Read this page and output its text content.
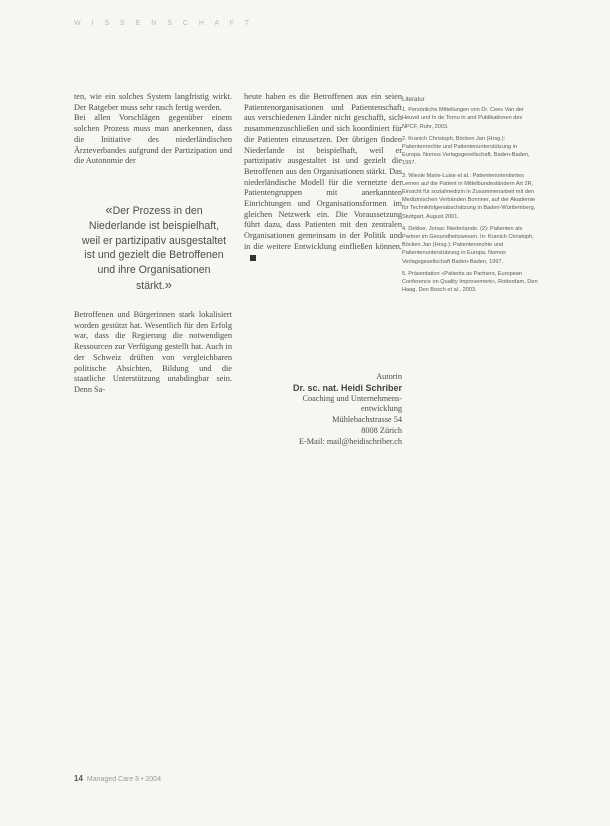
W I S S E N S C H A F T

ten, wie ein solches System langfristig wirkt. Der Ratgeber muss sehr rasch fertig werden.

Bei allen Vorschlägen gegenüber einem solchen Prozess muss man anerkennen, dass die Initiative des niederländischen Ärzteverbandes aufgrund der Partizipation und die Autonomie der

«Der Prozess in den Niederlande ist beispielhaft, weil er partizipativ ausgestaltet ist und gezielt die Betroffenen und ihre Organisationen stärkt.»

Betroffenen und Bürgerinnen stark lokalisiert worden gestützt hat. Wesentlich für den Erfolg war, dass die Regierung die notwendigen Ressourcen zur Verfügung gestellt hat. Auch in der Schweiz drüften von vergleichbaren politische Absichten, Bildung und die staatliche Unterstützung unabdingbar sein. Denn Sa-

heute haben es die Betroffenen aus ein seien Patientenorganisationen und Patientenschaft aus verschiedenen Länder nicht geschafft, sich zusammenzuschließen und sich koordiniert für die Patienten einzusetzen. Der übrigen finden Niederlande ist beispielhaft, weil er partizipativ ausgestaltet ist und gezielt die Betroffenen aus den Organisationen stärkt. Das niederländische Modell für die vernetzte der Patientengruppen mit anerkannten Einrichtungen und Organisationsformen im gleichen Netzwerk ein. Die Voraussetzung führt dazu, dass Patienten mit den zentralen Organisationen gemeinsam in der Politik und in die weitere Entwicklung einfließen können.

Autorin
Dr. sc. nat. Heidi Schriber
Coaching und Unternehmens-
entwicklung
Mühlebachstrasse 54
8008 Zürich
E-Mail: mail@heidischriber.ch
Literatur
1. Persönliche Mitteilungen von Dr. Cees Van der Heuvel und In de Tornu in and Publikationen des NPCF, Ruhr, 2003.
2. Kranich Christoph, Böcken Jan (Hrsg.): Patientenrechte und Patientenunterstützung in Europa. Nomos Verlagsgesellschaft, Baden-Baden, 1997.
3. Wiesle Marie-Luise et al.: Patientenorientiertes Lernen auf die Patient in Mittelbundesländern Art 2R, Einsicht für sozialmedizin in Zusammenarbeit mit den Medizinischen Verbänden Bonnner, auf der Akademie für Technikfolgenabschätzung in Baden-Württemberg, Stuttgart, August 2001.
4. Dekker, Jonas: Niederlande. (2): Patienten als Partner im Gesundheitswesen. In: Kranich Christoph, Böcken Jan (Hrsg.): Patientenrechte und Patientenunterstützung in Europa. Nomos Verlagsgesellschaft Baden-Baden, 1997.
5. Präsentation «Patients as Partners, European Conference on Quality Improvement», Rotterdam, Den Haag, Den Bosch et al., 2003.
14 Managed Care 8 • 2004
